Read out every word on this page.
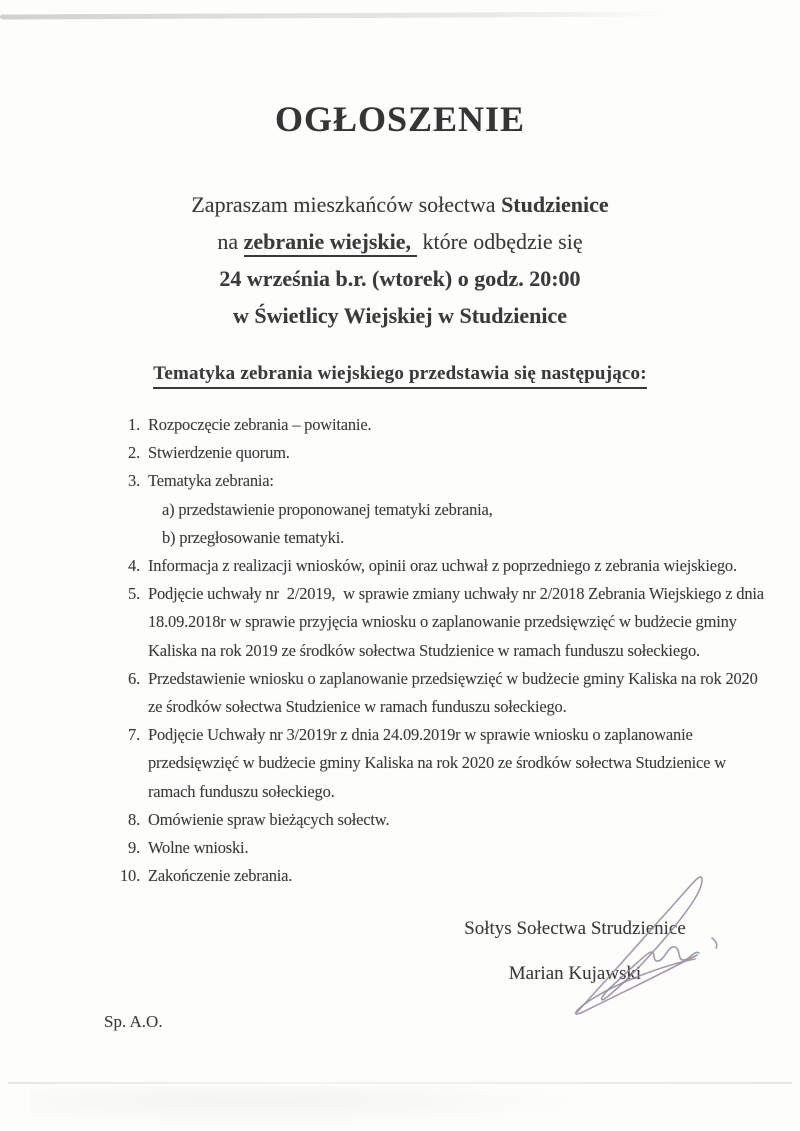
OGŁOSZENIE
Zapraszam mieszkańców sołectwa Studzienice
na zebranie wiejskie, które odbędzie się
24 września b.r. (wtorek) o godz. 20:00
w Świetlicy Wiejskiej w Studzienice
Tematyka zebrania wiejskiego przedstawia się następująco:
1. Rozpoczęcie zebrania – powitanie.
2. Stwierdzenie quorum.
3. Tematyka zebrania:
a) przedstawienie proponowanej tematyki zebrania,
b) przegłosowanie tematyki.
4. Informacja z realizacji wniosków, opinii oraz uchwał z poprzedniego z zebrania wiejskiego.
5. Podjęcie uchwały nr  2/2019,  w sprawie zmiany uchwały nr 2/2018 Zebrania Wiejskiego z dnia 18.09.2018r w sprawie przyjęcia wniosku o zaplanowanie przedsięwzięć w budżecie gminy Kaliska na rok 2019 ze środków sołectwa Studzienice w ramach funduszu sołeckiego.
6. Przedstawienie wniosku o zaplanowanie przedsięwzięć w budżecie gminy Kaliska na rok 2020 ze środków sołectwa Studzienice w ramach funduszu sołeckiego.
7. Podjęcie Uchwały nr 3/2019r z dnia 24.09.2019r w sprawie wniosku o zaplanowanie przedsięwzięć w budżecie gminy Kaliska na rok 2020 ze środków sołectwa Studzienice w ramach funduszu sołeckiego.
8. Omówienie spraw bieżących sołectw.
9. Wolne wnioski.
10. Zakończenie zebrania.
Sołtys Sołectwa Strudzienice
Marian Kujawski
Sp. A.O.
